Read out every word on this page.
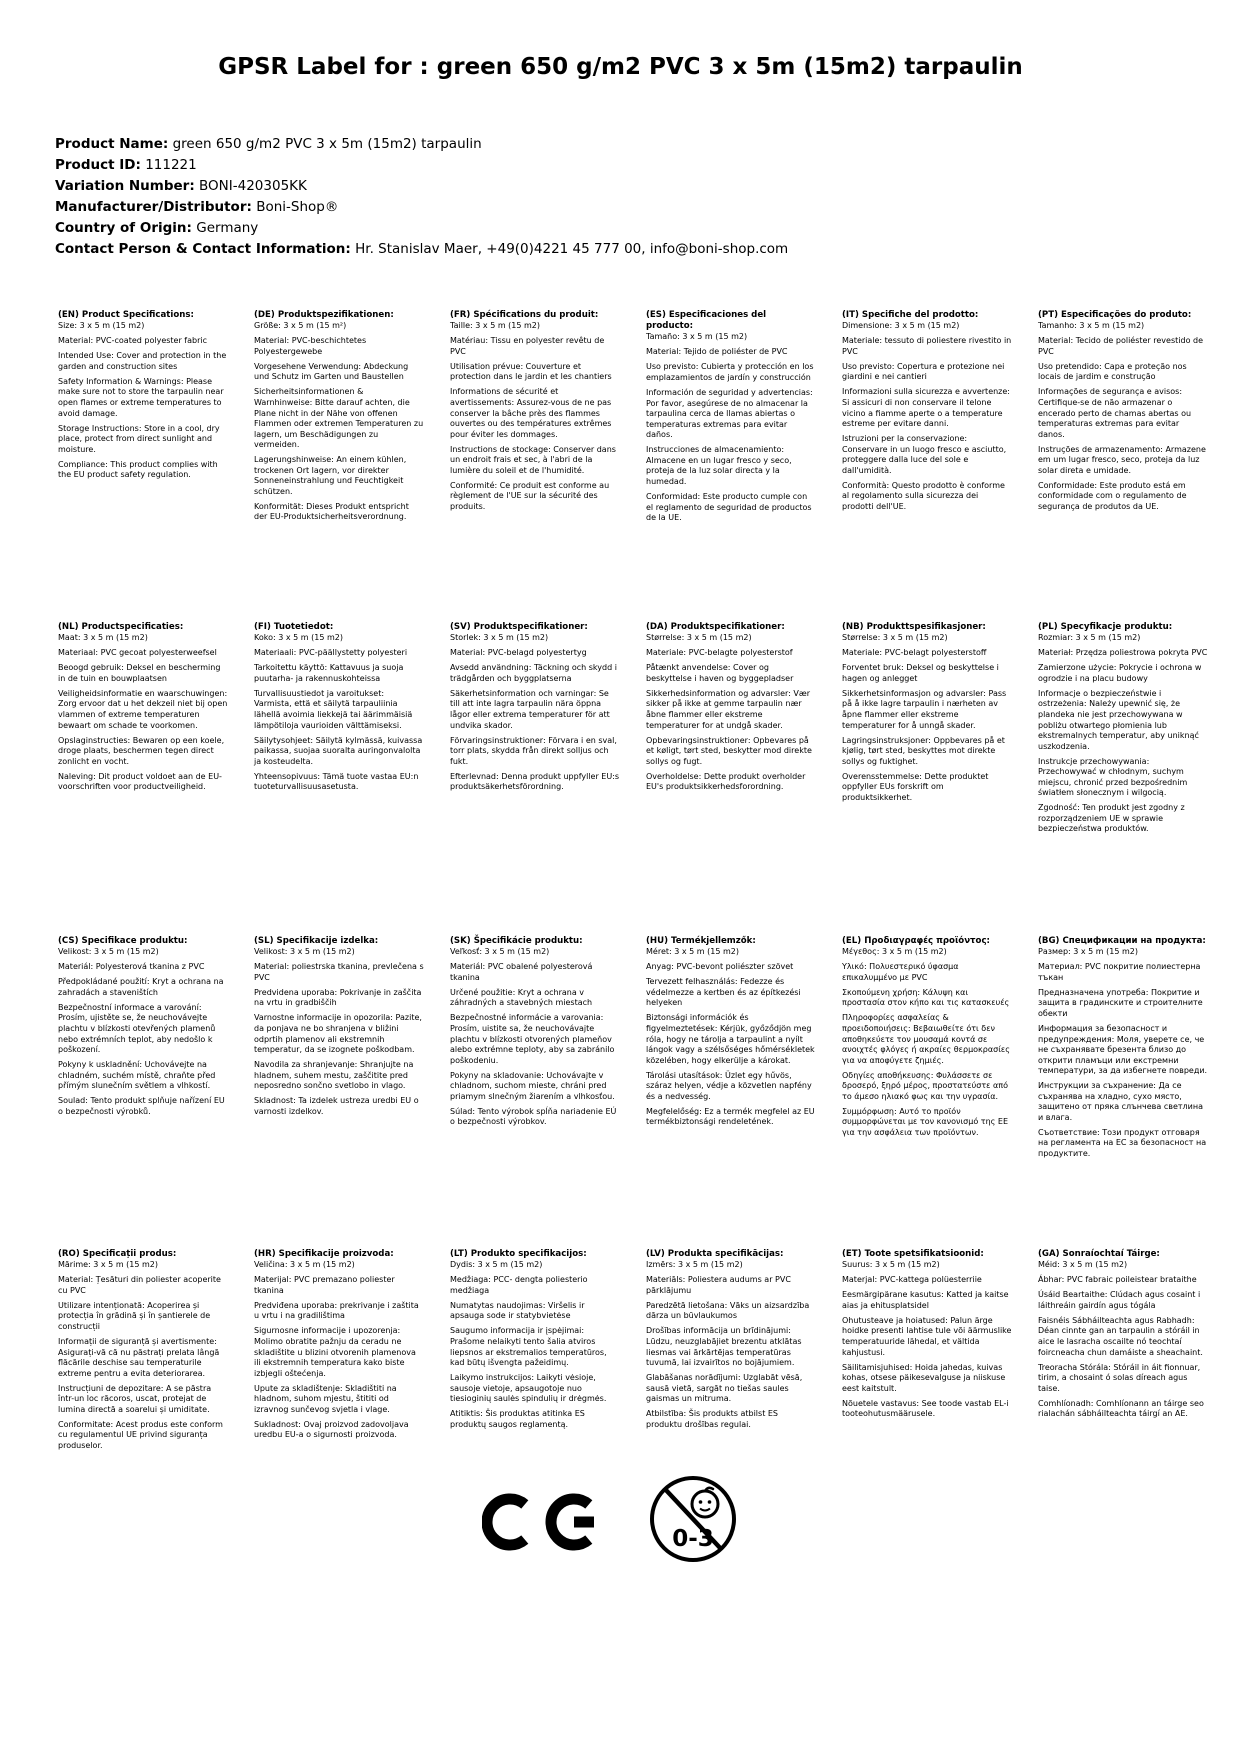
GPSR Label for : green 650 g/m2 PVC 3 x 5m (15m2) tarpaulin
Product Name: green 650 g/m2 PVC 3 x 5m (15m2) tarpaulin
Product ID: 111221
Variation Number: BONI-420305KK
Manufacturer/Distributor: Boni-Shop®
Country of Origin: Germany
Contact Person & Contact Information: Hr. Stanislav Maer, +49(0)4221 45 777 00, info@boni-shop.com
(EN) Product Specifications:
Size: 3 x 5 m (15 m2)

Material: PVC-coated polyester fabric

Intended Use: Cover and protection in the garden and construction sites

Safety Information & Warnings: Please make sure not to store the tarpaulin near open flames or extreme temperatures to avoid damage.

Storage Instructions: Store in a cool, dry place, protect from direct sunlight and moisture.

Compliance: This product complies with the EU product safety regulation.

(DE) Produktspezifikationen:
Größe: 3 x 5 m (15 m²)

Material: PVC-beschichtetes Polyestergewebe

Vorgesehene Verwendung: Abdeckung und Schutz im Garten und Baustellen

Sicherheitsinformationen & Warnhinweise: Bitte darauf achten, die Plane nicht in der Nähe von offenen Flammen oder extremen Temperaturen zu lagern, um Beschädigungen zu vermeiden.

Lagerungshinweise: An einem kühlen, trockenen Ort lagern, vor direkter Sonneneinstrahlung und Feuchtigkeit schützen.

Konformität: Dieses Produkt entspricht der EU-Produktsicherheitsverordnung.

(FR) Spécifications du produit:
Taille: 3 x 5 m (15 m2)

Matériau: Tissu en polyester revêtu de PVC

Utilisation prévue: Couverture et protection dans le jardin et les chantiers

Informations de sécurité et avertissements: Assurez-vous de ne pas conserver la bâche près des flammes ouvertes ou des températures extrêmes pour éviter les dommages.

Instructions de stockage: Conserver dans un endroit frais et sec, à l'abri de la lumière du soleil et de l'humidité.

Conformité: Ce produit est conforme au règlement de l'UE sur la sécurité des produits.

(ES) Especificaciones del producto:
Tamaño: 3 x 5 m (15 m2)

Material: Tejido de poliéster de PVC

Uso previsto: Cubierta y protección en los emplazamientos de jardín y construcción

Información de seguridad y advertencias: Por favor, asegúrese de no almacenar la tarpaulina cerca de llamas abiertas o temperaturas extremas para evitar daños.

Instrucciones de almacenamiento: Almacene en un lugar fresco y seco, proteja de la luz solar directa y la humedad.

Conformidad: Este producto cumple con el reglamento de seguridad de productos de la UE.

(IT) Specifiche del prodotto:
Dimensione: 3 x 5 m (15 m2)

Materiale: tessuto di poliestere rivestito in PVC

Uso previsto: Copertura e protezione nei giardini e nei cantieri

Informazioni sulla sicurezza e avvertenze: Si assicuri di non conservare il telone vicino a fiamme aperte o a temperature estreme per evitare danni.

Istruzioni per la conservazione: Conservare in un luogo fresco e asciutto, proteggere dalla luce del sole e dall'umidità.

Conformità: Questo prodotto è conforme al regolamento sulla sicurezza dei prodotti dell'UE.

(PT) Especificações do produto:
Tamanho: 3 x 5 m (15 m2)

Material: Tecido de poliéster revestido de PVC

Uso pretendido: Capa e proteção nos locais de jardim e construção

Informações de segurança e avisos: Certifique-se de não armazenar o encerado perto de chamas abertas ou temperaturas extremas para evitar danos.

Instruções de armazenamento: Armazene em um lugar fresco, seco, proteja da luz solar direta e umidade.

Conformidade: Este produto está em conformidade com o regulamento de segurança de produtos da UE.

(NL) Productspecificaties:
Maat: 3 x 5 m (15 m2)

Materiaal: PVC gecoat polyesterweefsel

Beoogd gebruik: Deksel en bescherming in de tuin en bouwplaatsen

Veiligheidsinformatie en waarschuwingen: Zorg ervoor dat u het dekzeil niet bij open vlammen of extreme temperaturen bewaart om schade te voorkomen.

Opslaginstructies: Bewaren op een koele, droge plaats, beschermen tegen direct zonlicht en vocht.

Naleving: Dit product voldoet aan de EU-voorschriften voor productveiligheid.

(FI) Tuotetiedot:
Koko: 3 x 5 m (15 m2)

Materiaali: PVC-päällystetty polyesteri

Tarkoitettu käyttö: Kattavuus ja suoja puutarha- ja rakennuskohteissa

Turvallisuustiedot ja varoitukset: Varmista, että et säilytä tarpauliinia lähellä avoimia liekkejä tai äärimmäisiä lämpötiloja vaurioiden välttämiseksi.

Säilytysohjeet: Säilytä kylmässä, kuivassa paikassa, suojaa suoralta auringonvalolta ja kosteudelta.

Yhteensopivuus: Tämä tuote vastaa EU:n tuoteturvallisuusasetusta.

(SV) Produktspecifikationer:
Storlek: 3 x 5 m (15 m2)

Material: PVC-belagd polyestertyg

Avsedd användning: Täckning och skydd i trädgården och byggplatserna

Säkerhetsinformation och varningar: Se till att inte lagra tarpaulin nära öppna lågor eller extrema temperaturer för att undvika skador.

Förvaringsinstruktioner: Förvara i en sval, torr plats, skydda från direkt solljus och fukt.

Efterlevnad: Denna produkt uppfyller EU:s produktsäkerhetsförordning.

(DA) Produktspecifikationer:
Størrelse: 3 x 5 m (15 m2)

Materiale: PVC-belagte polyesterstof

Påtænkt anvendelse: Cover og beskyttelse i haven og byggepladser

Sikkerhedsinformation og advarsler: Vær sikker på ikke at gemme tarpaulin nær åbne flammer eller ekstreme temperaturer for at undgå skader.

Opbevaringsinstruktioner: Opbevares på et køligt, tørt sted, beskytter mod direkte sollys og fugt.

Overholdelse: Dette produkt overholder EU's produktsikkerhedsforordning.

(NB) Produkttspesifikasjoner:
Størrelse: 3 x 5 m (15 m2)

Materiale: PVC-belagt polyesterstoff

Forventet bruk: Deksel og beskyttelse i hagen og anlegget

Sikkerhetsinformasjon og advarsler: Pass på å ikke lagre tarpaulin i nærheten av åpne flammer eller ekstreme temperaturer for å unngå skader.

Lagringsinstruksjoner: Oppbevares på et kjølig, tørt sted, beskyttes mot direkte sollys og fuktighet.

Overensstemmelse: Dette produktet oppfyller EUs forskrift om produktsikkerhet.

(PL) Specyfikacje produktu:
Rozmiar: 3 x 5 m (15 m2)

Materiał: Przędza poliestrowa pokryta PVC

Zamierzone użycie: Pokrycie i ochrona w ogrodzie i na placu budowy

Informacje o bezpieczeństwie i ostrzeżenia: Należy upewnić się, że plandeka nie jest przechowywana w pobliżu otwartego płomienia lub ekstremalnych temperatur, aby uniknąć uszkodzenia.

Instrukcje przechowywania: Przechowywać w chłodnym, suchym miejscu, chronić przed bezpośrednim światłem słonecznym i wilgocią.

Zgodność: Ten produkt jest zgodny z rozporządzeniem UE w sprawie bezpieczeństwa produktów.

(CS) Specifikace produktu:
Velikost: 3 x 5 m (15 m2)

Materiál: Polyesterová tkanina z PVC

Předpokládané použití: Kryt a ochrana na zahradách a staveništích

Bezpečnostní informace a varování: Prosím, ujistěte se, že neuchovávejte plachtu v blízkosti otevřených plamenů nebo extrémních teplot, aby nedošlo k poškození.

Pokyny k uskladnění: Uchovávejte na chladném, suchém místě, chraňte před přímým slunečním světlem a vlhkostí.

Soulad: Tento produkt splňuje nařízení EU o bezpečnosti výrobků.

(SL) Specifikacije izdelka:
Velikost: 3 x 5 m (15 m2)

Material: poliestrska tkanina, prevlečena s PVC

Predvidena uporaba: Pokrivanje in zaščita na vrtu in gradbiščih

Varnostne informacije in opozorila: Pazite, da ponjava ne bo shranjena v bližini odprtih plamenov ali ekstremnih temperatur, da se izognete poškodbam.

Navodila za shranjevanje: Shranjujte na hladnem, suhem mestu, zaščitite pred neposredno sončno svetlobo in vlago.

Skladnost: Ta izdelek ustreza uredbi EU o varnosti izdelkov.

(SK) Špecifikácie produktu:
Veľkosť: 3 x 5 m (15 m2)

Materiál: PVC obalené polyesterová tkanina

Určené použitie: Kryt a ochrana v záhradných a stavebných miestach

Bezpečnostné informácie a varovania: Prosím, uistite sa, že neuchovávajte plachtu v blízkosti otvorených plameňov alebo extrémne teploty, aby sa zabránilo poškodeniu.

Pokyny na skladovanie: Uchovávajte v chladnom, suchom mieste, chráni pred priamym slnečným žiarením a vlhkosťou.

Súlad: Tento výrobok spĺňa nariadenie EÚ o bezpečnosti výrobkov.

(HU) Termékjellemzők:
Méret: 3 x 5 m (15 m2)

Anyag: PVC-bevont poliészter szövet

Tervezett felhasználás: Fedezze és védelmezze a kertben és az építkezési helyeken

Biztonsági információk és figyelmeztetések: Kérjük, győződjön meg róla, hogy ne tárolja a tarpaulint a nyílt lángok vagy a szélsőséges hőmérsékletek közelében, hogy elkerülje a károkat.

Tárolási utasítások: Üzlet egy hűvös, száraz helyen, védje a közvetlen napfény és a nedvesség.

Megfelelőség: Ez a termék megfelel az EU termékbiztonsági rendeletének.

(EL) Προδιαγραφές προϊόντος:
Μέγεθος: 3 x 5 m (15 m2)

Υλικό: Πολυεστερικό ύφασμα επικαλυμμένο με PVC

Σκοπούμενη χρήση: Κάλυψη και προστασία στον κήπο και τις κατασκευές

Πληροφορίες ασφαλείας & προειδοποιήσεις: Βεβαιωθείτε ότι δεν αποθηκεύετε τον μουσαμά κοντά σε ανοιχτές φλόγες ή ακραίες θερμοκρασίες για να αποφύγετε ζημιές.

Οδηγίες αποθήκευσης: Φυλάσσετε σε δροσερό, ξηρό μέρος, προστατεύστε από το άμεσο ηλιακό φως και την υγρασία.

Συμμόρφωση: Αυτό το προϊόν συμμορφώνεται με τον κανονισμό της ΕΕ για την ασφάλεια των προϊόντων.

(BG) Спецификации на продукта:
Размер: 3 x 5 m (15 m2)

Материал: PVC покритие полиестерна тъкан

Предназначена употреба: Покритие и защита в градинските и строителните обекти

Информация за безопасност и предупреждения: Моля, уверете се, че не съхранявате брезента близо до открити пламъци или екстремни температури, за да избегнете повреди.

Инструкции за съхранение: Да се съхранява на хладно, сухо място, защитено от пряка слънчева светлина и влага.

Съответствие: Този продукт отговаря на регламента на ЕС за безопасност на продуктите.

(RO) Specificații produs:
Mărime: 3 x 5 m (15 m2)

Material: Țesături din poliester acoperite cu PVC

Utilizare intenționată: Acoperirea și protecția în grădină și în șantierele de construcții

Informații de siguranță și avertismente: Asigurați-vă că nu păstrați prelata lângă flăcările deschise sau temperaturile extreme pentru a evita deteriorarea.

Instrucțiuni de depozitare: A se păstra într-un loc răcoros, uscat, protejat de lumina directă a soarelui și umiditate.

Conformitate: Acest produs este conform cu regulamentul UE privind siguranța produselor.

(HR) Specifikacije proizvoda:
Veličina: 3 x 5 m (15 m2)

Materijal: PVC premazano poliester tkanina

Predviđena uporaba: prekrivanje i zaštita u vrtu i na gradilištima

Sigurnosne informacije i upozorenja: Molimo obratite pažnju da ceradu ne skladištite u blizini otvorenih plamenova ili ekstremnih temperatura kako biste izbjegli oštećenja.

Upute za skladištenje: Skladištiti na hladnom, suhom mjestu, štititi od izravnog sunčevog svjetla i vlage.

Sukladnost: Ovaj proizvod zadovoljava uredbu EU-a o sigurnosti proizvoda.

(LT) Produkto specifikacijos:
Dydis: 3 x 5 m (15 m2)

Medžiaga: PCC- dengta poliesterio medžiaga

Numatytas naudojimas: Viršelis ir apsauga sode ir statybvietėse

Saugumo informacija ir įspėjimai: Prašome nelaikyti tento šalia atviros liepsnos ar ekstremalios temperatūros, kad būtų išvengta pažeidimų.

Laikymo instrukcijos: Laikyti vėsioje, sausoje vietoje, apsaugotoje nuo tiesioginių saulės spindulių ir drėgmės.

Atitiktis: Šis produktas atitinka ES produktų saugos reglamentą.

(LV) Produkta specifikācijas:
Izmērs: 3 x 5 m (15 m2)

Materiāls: Poliestera audums ar PVC pārklājumu

Paredzētā lietošana: Vāks un aizsardzība dārza un būvlaukumos

Drošības informācija un brīdinājumi: Lūdzu, neuzglabājiet brezentu atklātas liesmas vai ārkārtējas temperatūras tuvumā, lai izvairītos no bojājumiem.

Glabāšanas norādījumi: Uzglabāt vēsā, sausā vietā, sargāt no tiešas saules gaismas un mitruma.

Atbilstība: Šis produkts atbilst ES produktu drošības regulai.

(ET) Toote spetsifikatsioonid:
Suurus: 3 x 5 m (15 m2)

Materjal: PVC-kattega polüesterriie

Eesmärgipärane kasutus: Katted ja kaitse aias ja ehitusplatsidel

Ohutusteave ja hoiatused: Palun ärge hoidke presenti lahtise tule või äärmuslike temperatuuride lähedal, et vältida kahjustusi.

Säilitamisjuhised: Hoida jahedas, kuivas kohas, otsese päikesevalguse ja niiskuse eest kaitstult.

Nõuetele vastavus: See toode vastab EL-i tooteohutusmäärusele.

(GA) Sonraíochtaí Táirge:
Méid: 3 x 5 m (15 m2)

Ábhar: PVC fabraic poileistear brataithe

Úsáid Beartaithe: Clúdach agus cosaint i láithreáin gairdín agus tógála

Faisnéis Sábháilteachta agus Rabhadh: Déan cinnte gan an tarpaulin a stóráil in aice le lasracha oscailte nó teochtaí foircneacha chun damáiste a sheachaint.

Treoracha Stórála: Stóráil in áit fionnuar, tirim, a chosaint ó solas díreach agus taise.

Comhlíonadh: Comhlíonann an táirge seo rialachán sábháilteachta táirgí an AE.

0-3
